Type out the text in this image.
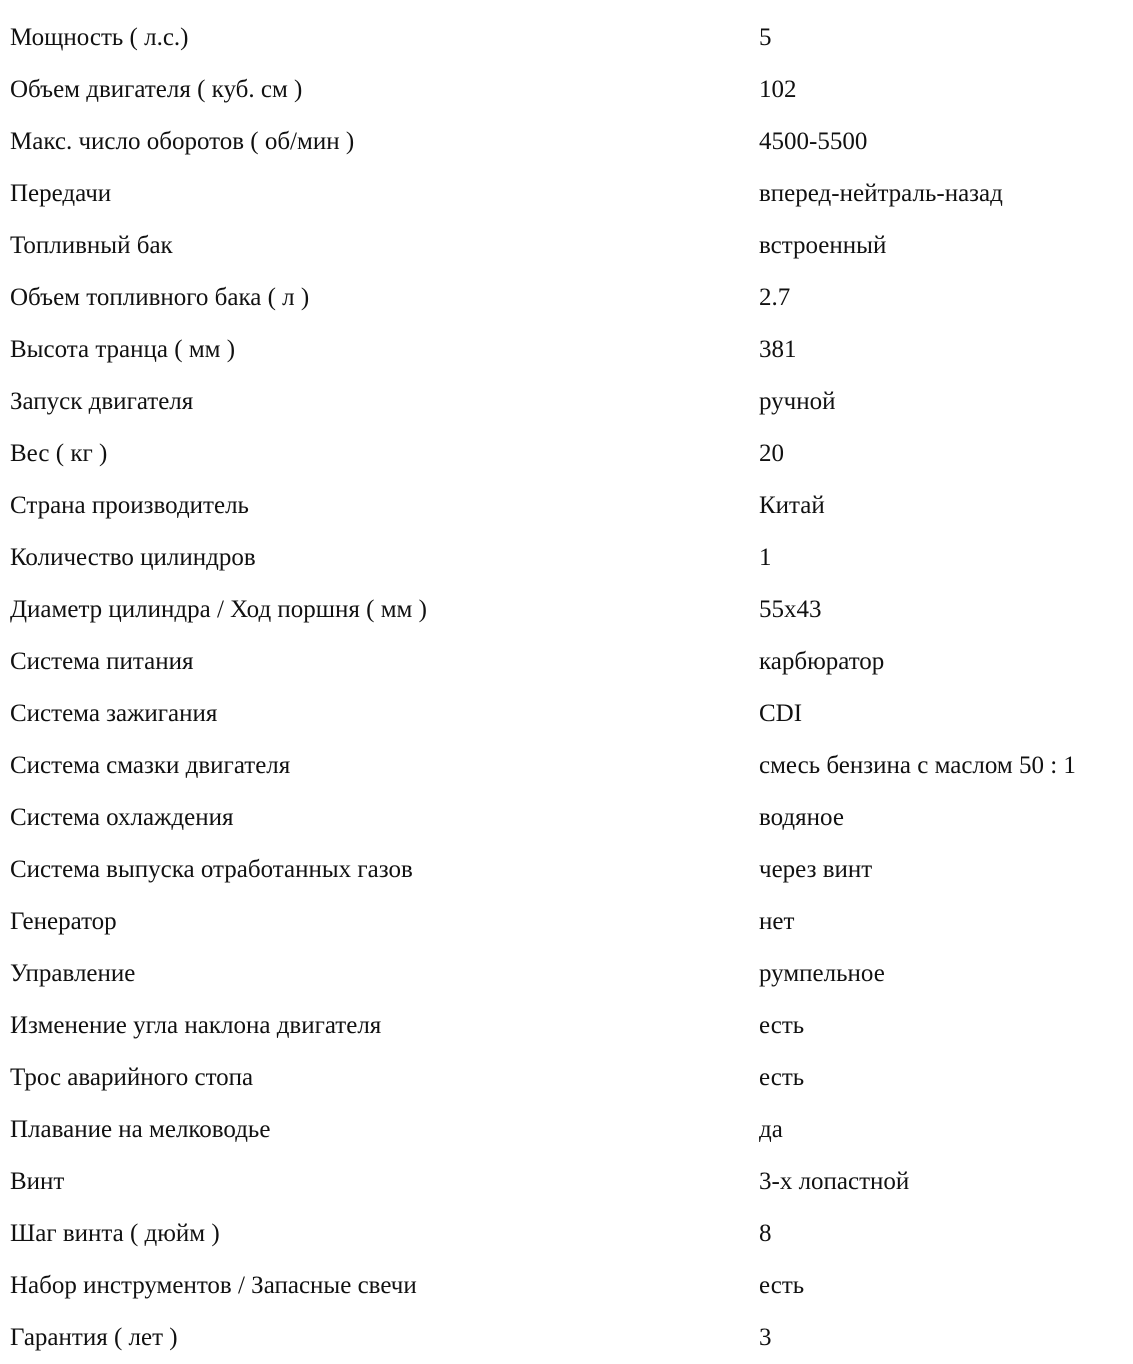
Мощность ( л.с.)	5
Объем двигателя ( куб. см )	102
Макс. число оборотов ( об/мин )	4500-5500
Передачи	вперед-нейтраль-назад
Топливный бак	встроенный
Объем топливного бака ( л )	2.7
Высота транца ( мм )	381
Запуск двигателя	ручной
Вес ( кг )	20
Страна производитель	Китай
Количество цилиндров	1
Диаметр цилиндра / Ход поршня ( мм )	55x43
Система питания	карбюратор
Система зажигания	CDI
Система смазки двигателя	смесь бензина с маслом 50 : 1
Система охлаждения	водяное
Система выпуска отработанных газов	через винт
Генератор	нет
Управление	румпельное
Изменение угла наклона двигателя	есть
Трос аварийного стопа	есть
Плавание на мелководье	да
Винт	3-х лопастной
Шаг винта ( дюйм )	8
Набор инструментов / Запасные свечи	есть
Гарантия ( лет )	3
